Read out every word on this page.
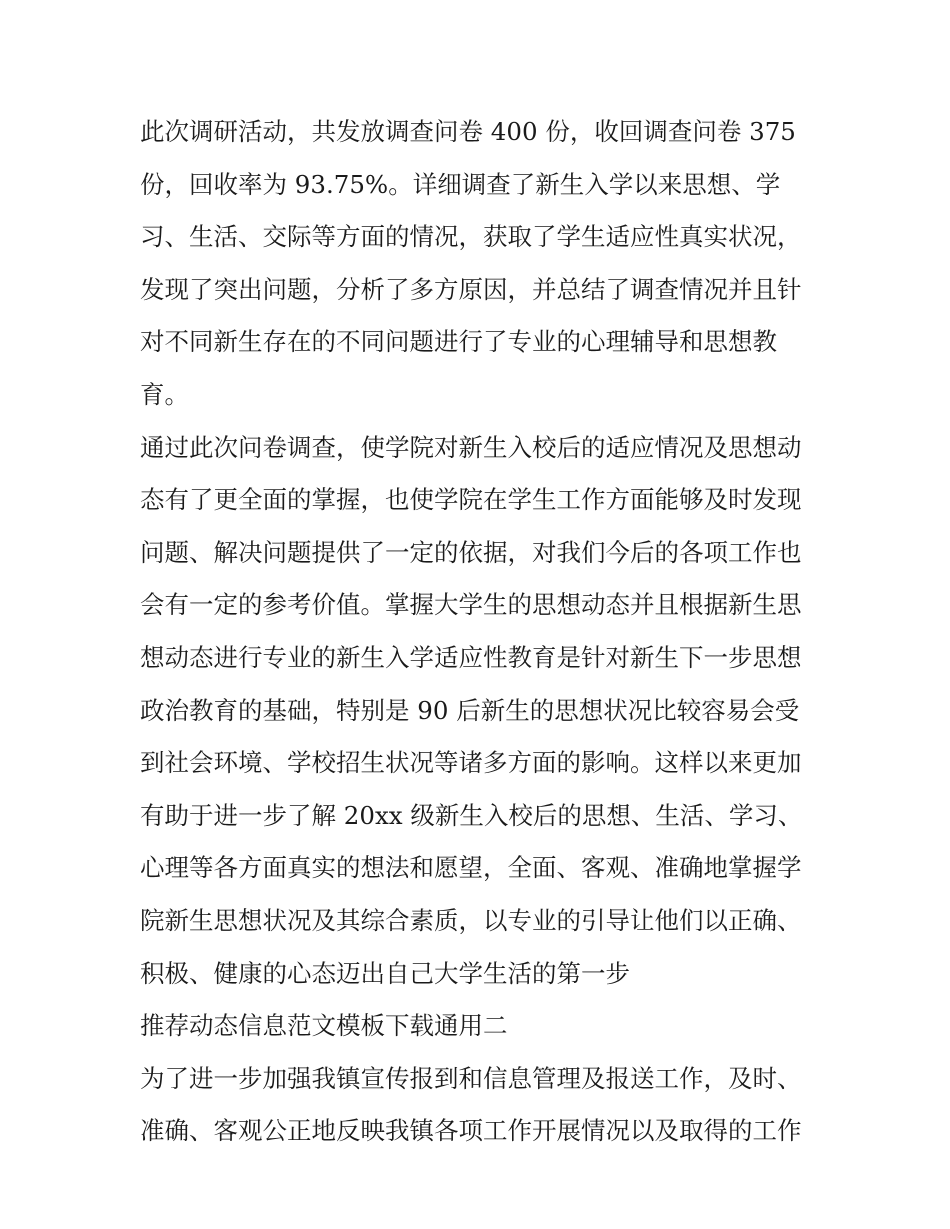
此次调研活动，共发放调查问卷 400 份，收回调查问卷 375
份，回收率为 93.75%。详细调查了新生入学以来思想、学
习、生活、交际等方面的情况，获取了学生适应性真实状况，
发现了突出问题，分析了多方原因，并总结了调查情况并且针
对不同新生存在的不同问题进行了专业的心理辅导和思想教
育。
通过此次问卷调查，使学院对新生入校后的适应情况及思想动
态有了更全面的掌握，也使学院在学生工作方面能够及时发现
问题、解决问题提供了一定的依据，对我们今后的各项工作也
会有一定的参考价值。掌握大学生的思想动态并且根据新生思
想动态进行专业的新生入学适应性教育是针对新生下一步思想
政治教育的基础，特别是 90 后新生的思想状况比较容易会受
到社会环境、学校招生状况等诸多方面的影响。这样以来更加
有助于进一步了解 20xx 级新生入校后的思想、生活、学习、
心理等各方面真实的想法和愿望，全面、客观、准确地掌握学
院新生思想状况及其综合素质，以专业的引导让他们以正确、
积极、健康的心态迈出自己大学生活的第一步
推荐动态信息范文模板下载通用二
为了进一步加强我镇宣传报到和信息管理及报送工作，及时、
准确、客观公正地反映我镇各项工作开展情况以及取得的工作
